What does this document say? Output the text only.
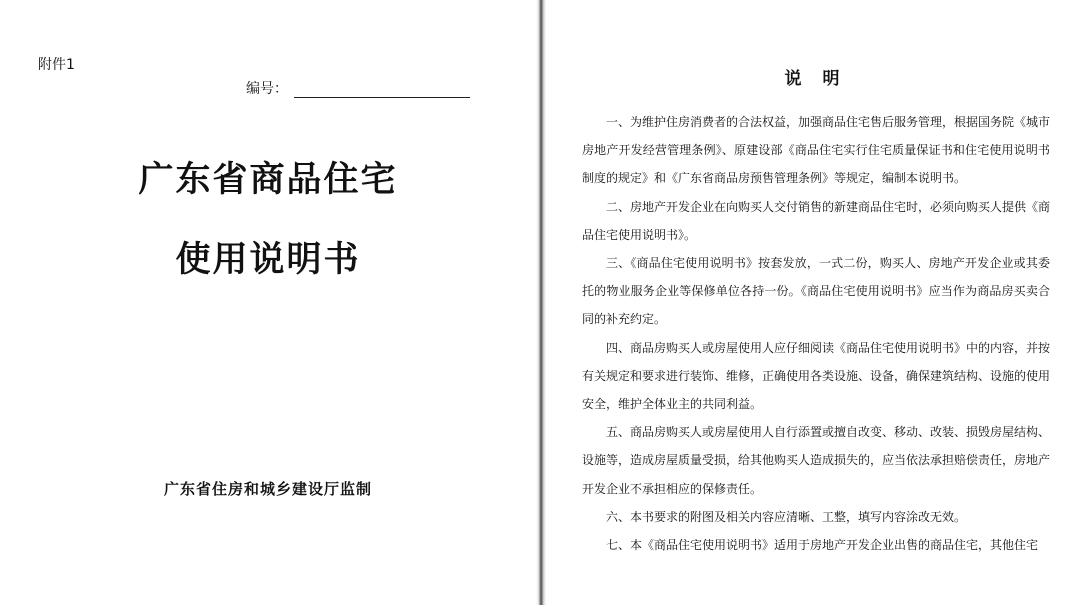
附件1
编号：
广东省商品住宅
使用说明书
广东省住房和城乡建设厅监制
说　明

一、为维护住房消费者的合法权益，加强商品住宅售后服务管理，根据国务院《城市房地产开发经营管理条例》、原建设部《商品住宅实行住宅质量保证书和住宅使用说明书制度的规定》和《广东省商品房预售管理条例》等规定，编制本说明书。

二、房地产开发企业在向购买人交付销售的新建商品住宅时，必须向购买人提供《商品住宅使用说明书》。

三、《商品住宅使用说明书》按套发放，一式二份，购买人、房地产开发企业或其委托的物业服务企业等保修单位各持一份。《商品住宅使用说明书》应当作为商品房买卖合同的补充约定。

四、商品房购买人或房屋使用人应仔细阅读《商品住宅使用说明书》中的内容，并按有关规定和要求进行装饰、维修，正确使用各类设施、设备，确保建筑结构、设施的使用安全，维护全体业主的共同利益。

五、商品房购买人或房屋使用人自行添置或擅自改变、移动、改装、损毁房屋结构、设施等，造成房屋质量受损，给其他购买人造成损失的，应当依法承担赔偿责任，房地产开发企业不承担相应的保修责任。

六、本书要求的附图及相关内容应清晰、工整，填写内容涂改无效。

七、本《商品住宅使用说明书》适用于房地产开发企业出售的商品住宅，其他住宅
